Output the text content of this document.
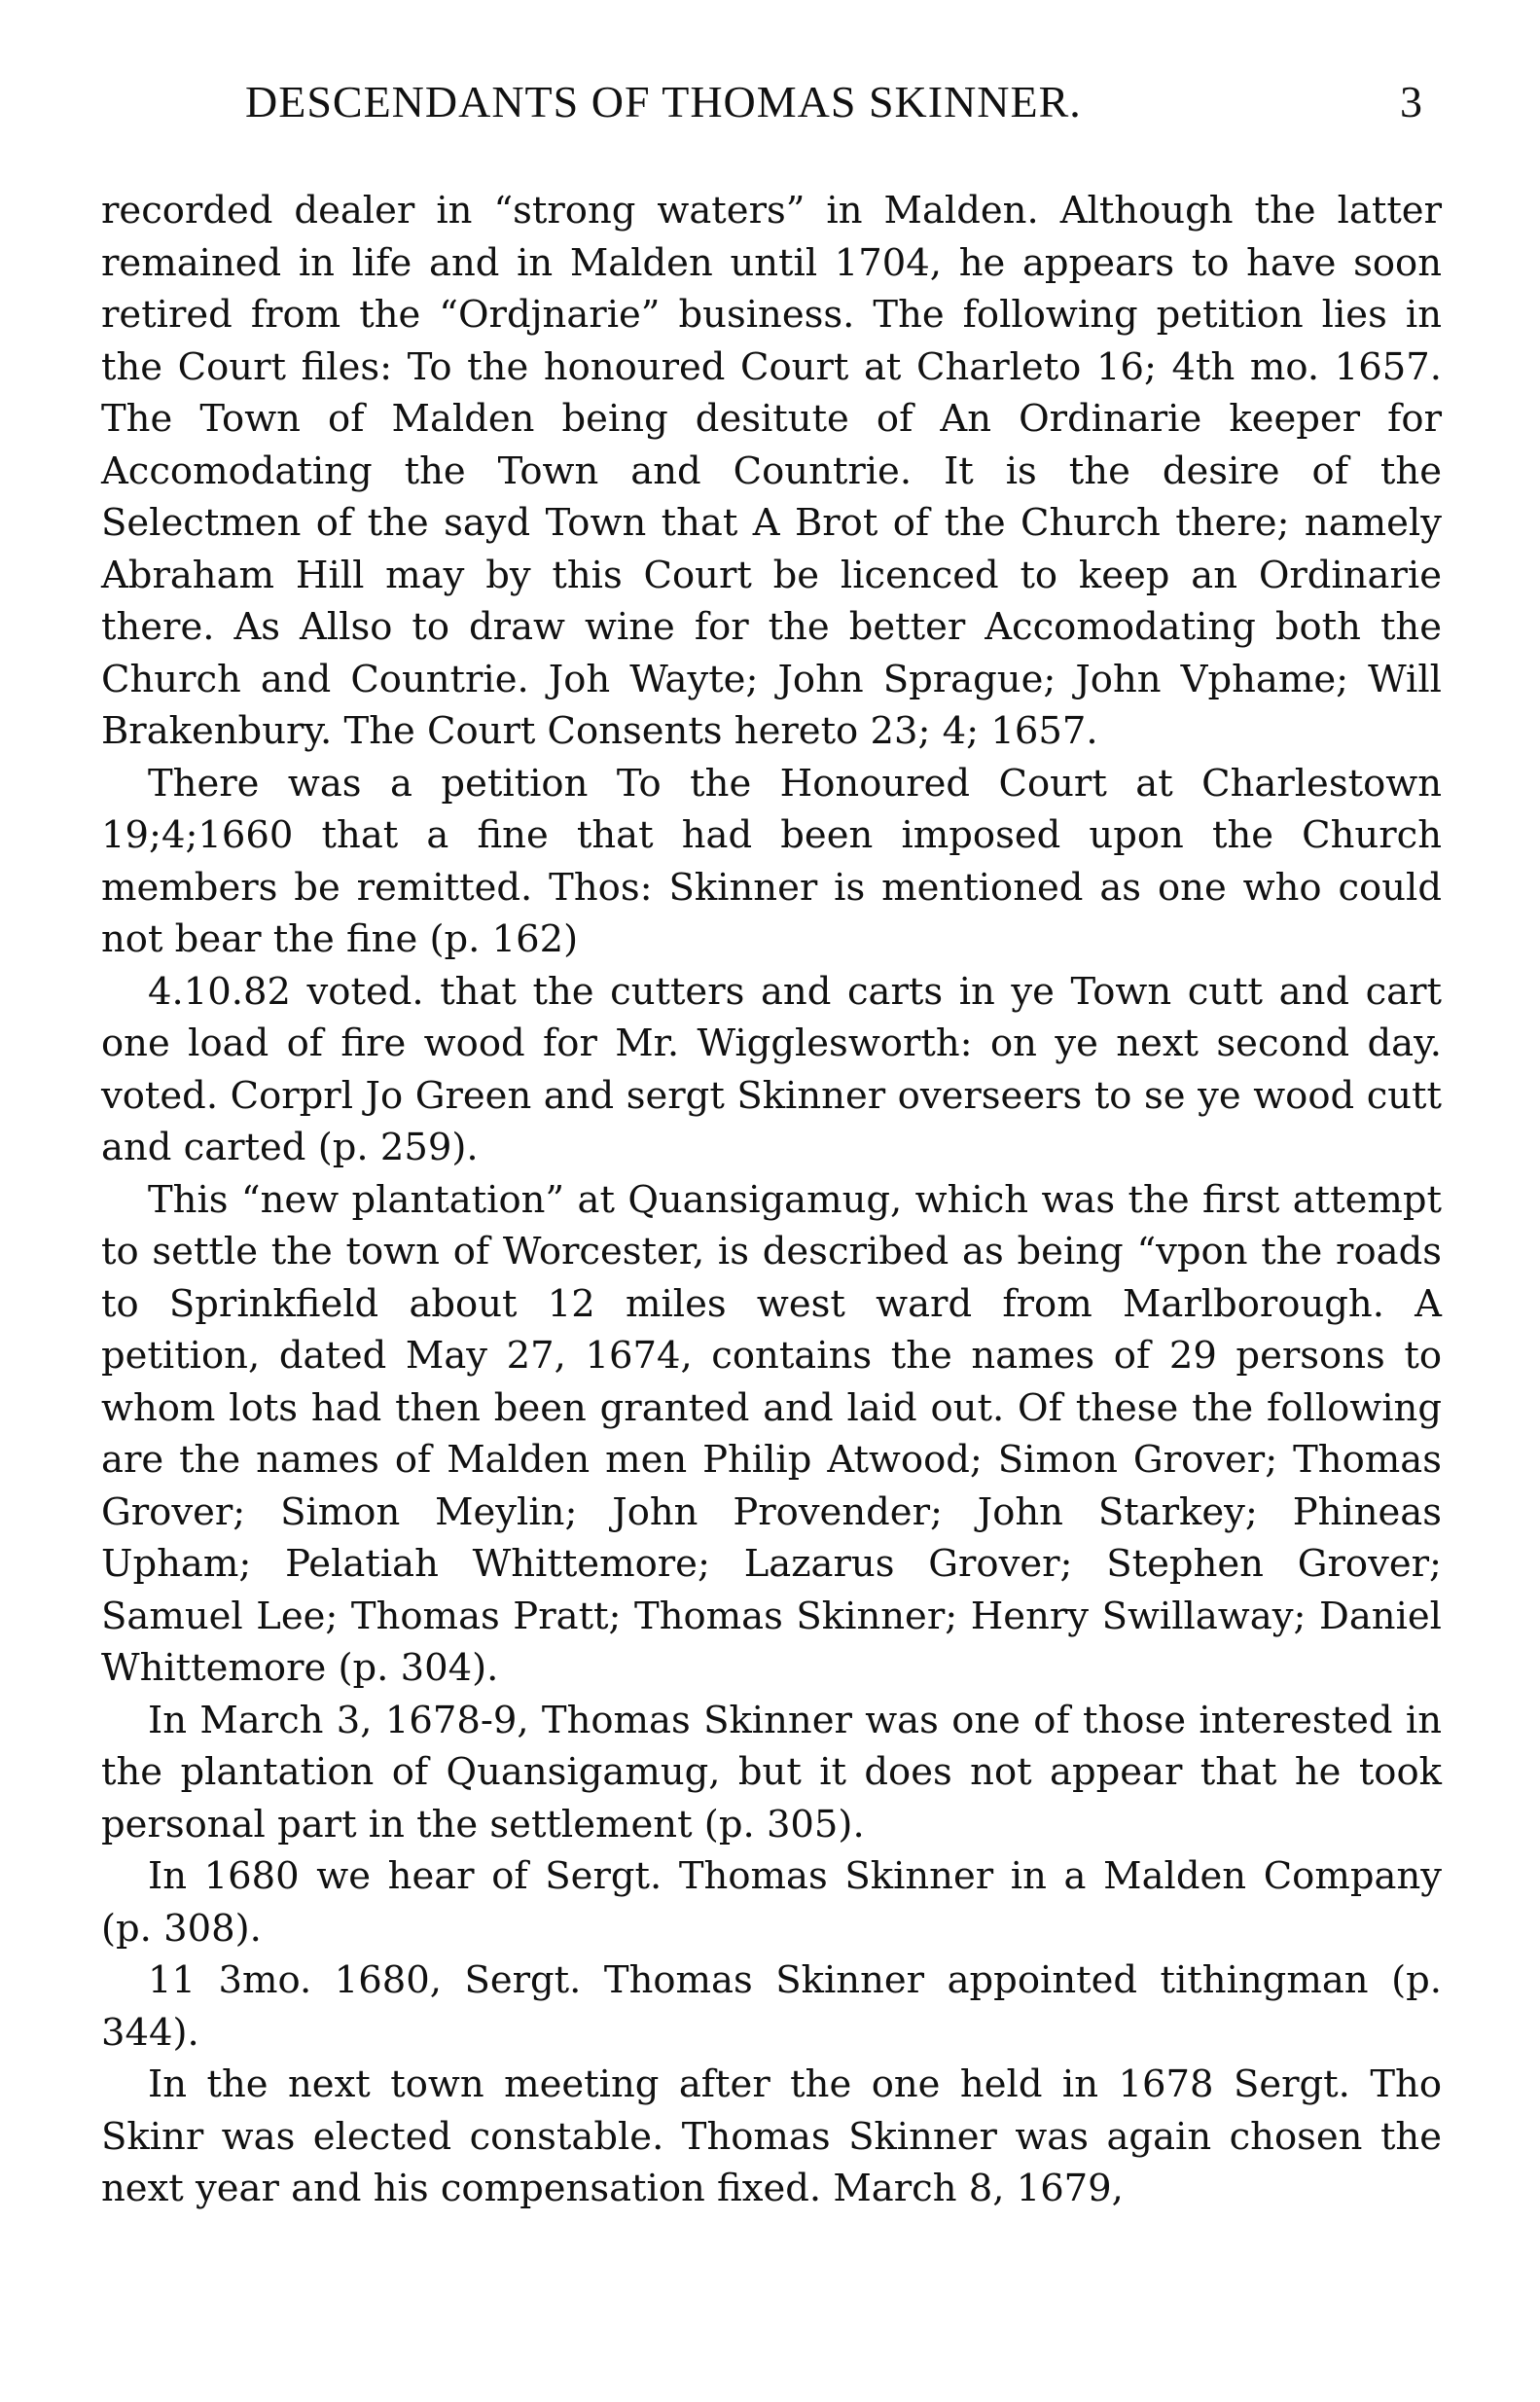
DESCENDANTS OF THOMAS SKINNER.	3

recorded dealer in “strong waters” in Malden. Although the latter remained in life and in Malden until 1704, he appears to have soon retired from the “Ordjnarie” business. The following petition lies in the Court files: To the honoured Court at Charleto 16; 4th mo. 1657. The Town of Malden being desitute of An Ordinarie keeper for Accomodating the Town and Countrie. It is the desire of the Selectmen of the sayd Town that A Brot of the Church there; namely Abraham Hill may by this Court be licenced to keep an Ordinarie there. As Allso to draw wine for the better Accomodating both the Church and Countrie. Joh Wayte; John Sprague; John Vphame; Will Brakenbury. The Court Consents hereto 23; 4; 1657.

There was a petition To the Honoured Court at Charlestown 19;4;1660 that a fine that had been imposed upon the Church members be remitted. Thos: Skinner is mentioned as one who could not bear the fine (p. 162)

4.10.82 voted. that the cutters and carts in ye Town cutt and cart one load of fire wood for Mr. Wigglesworth: on ye next second day. voted. Corprl Jo Green and sergt Skinner overseers to se ye wood cutt and carted (p. 259).

This “new plantation” at Quansigamug, which was the first attempt to settle the town of Worcester, is described as being “vpon the roads to Sprinkfield about 12 miles west ward from Marlborough. A petition, dated May 27, 1674, contains the names of 29 persons to whom lots had then been granted and laid out. Of these the following are the names of Malden men Philip Atwood; Simon Grover; Thomas Grover; Simon Meylin; John Provender; John Starkey; Phineas Upham; Pelatiah Whittemore; Lazarus Grover; Stephen Grover; Samuel Lee; Thomas Pratt; Thomas Skinner; Henry Swillaway; Daniel Whittemore (p. 304).

In March 3, 1678-9, Thomas Skinner was one of those interested in the plantation of Quansigamug, but it does not appear that he took personal part in the settlement (p. 305).

In 1680 we hear of Sergt. Thomas Skinner in a Malden Company (p. 308).

11 3mo. 1680, Sergt. Thomas Skinner appointed tithingman (p. 344).

In the next town meeting after the one held in 1678 Sergt. Tho Skinr was elected constable. Thomas Skinner was again chosen the next year and his compensation fixed. March 8, 1679,
